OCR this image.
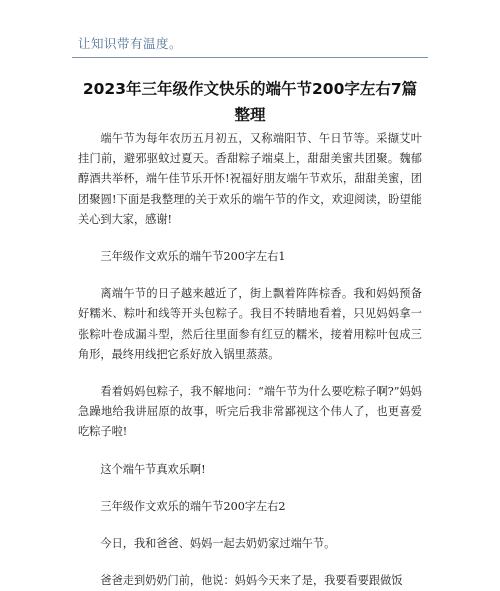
让知识带有温度。
2023年三年级作文快乐的端午节200字左右7篇整理

端午节为每年农历五月初五，又称端阳节、午日节等。采撷艾叶挂门前，避邪驱蚊过夏天。香甜粽子端桌上，甜甜美蜜共团聚。魏郁醇酒共举杯，端午佳节乐开怀!祝福好朋友端午节欢乐，甜甜美蜜，团团聚圆!下面是我整理的关于欢乐的端午节的作文，欢迎阅读，盼望能关心到大家，感谢!

三年级作文欢乐的端午节200字左右1

离端午节的日子越来越近了，街上飘着阵阵棕香。我和妈妈预备好糯米、粽叶和线等开头包粽子。我目不转睛地看着，只见妈妈拿一张粽叶卷成漏斗型，然后往里面参有红豆的糯米，接着用粽叶包成三角形，最终用线把它系好放入锅里蒸蒸。

看着妈妈包粽子，我不解地问：“端午节为什么要吃粽子啊?”妈妈急躁地给我讲屈原的故事，听完后我非常鄙视这个伟人了，也更喜爱吃粽子啦!

这个端午节真欢乐啊!

三年级作文欢乐的端午节200字左右2

今日，我和爸爸、妈妈一起去奶奶家过端午节。

爸爸走到奶奶门前，他说：妈妈今天来了是，我要看要跟做饭
